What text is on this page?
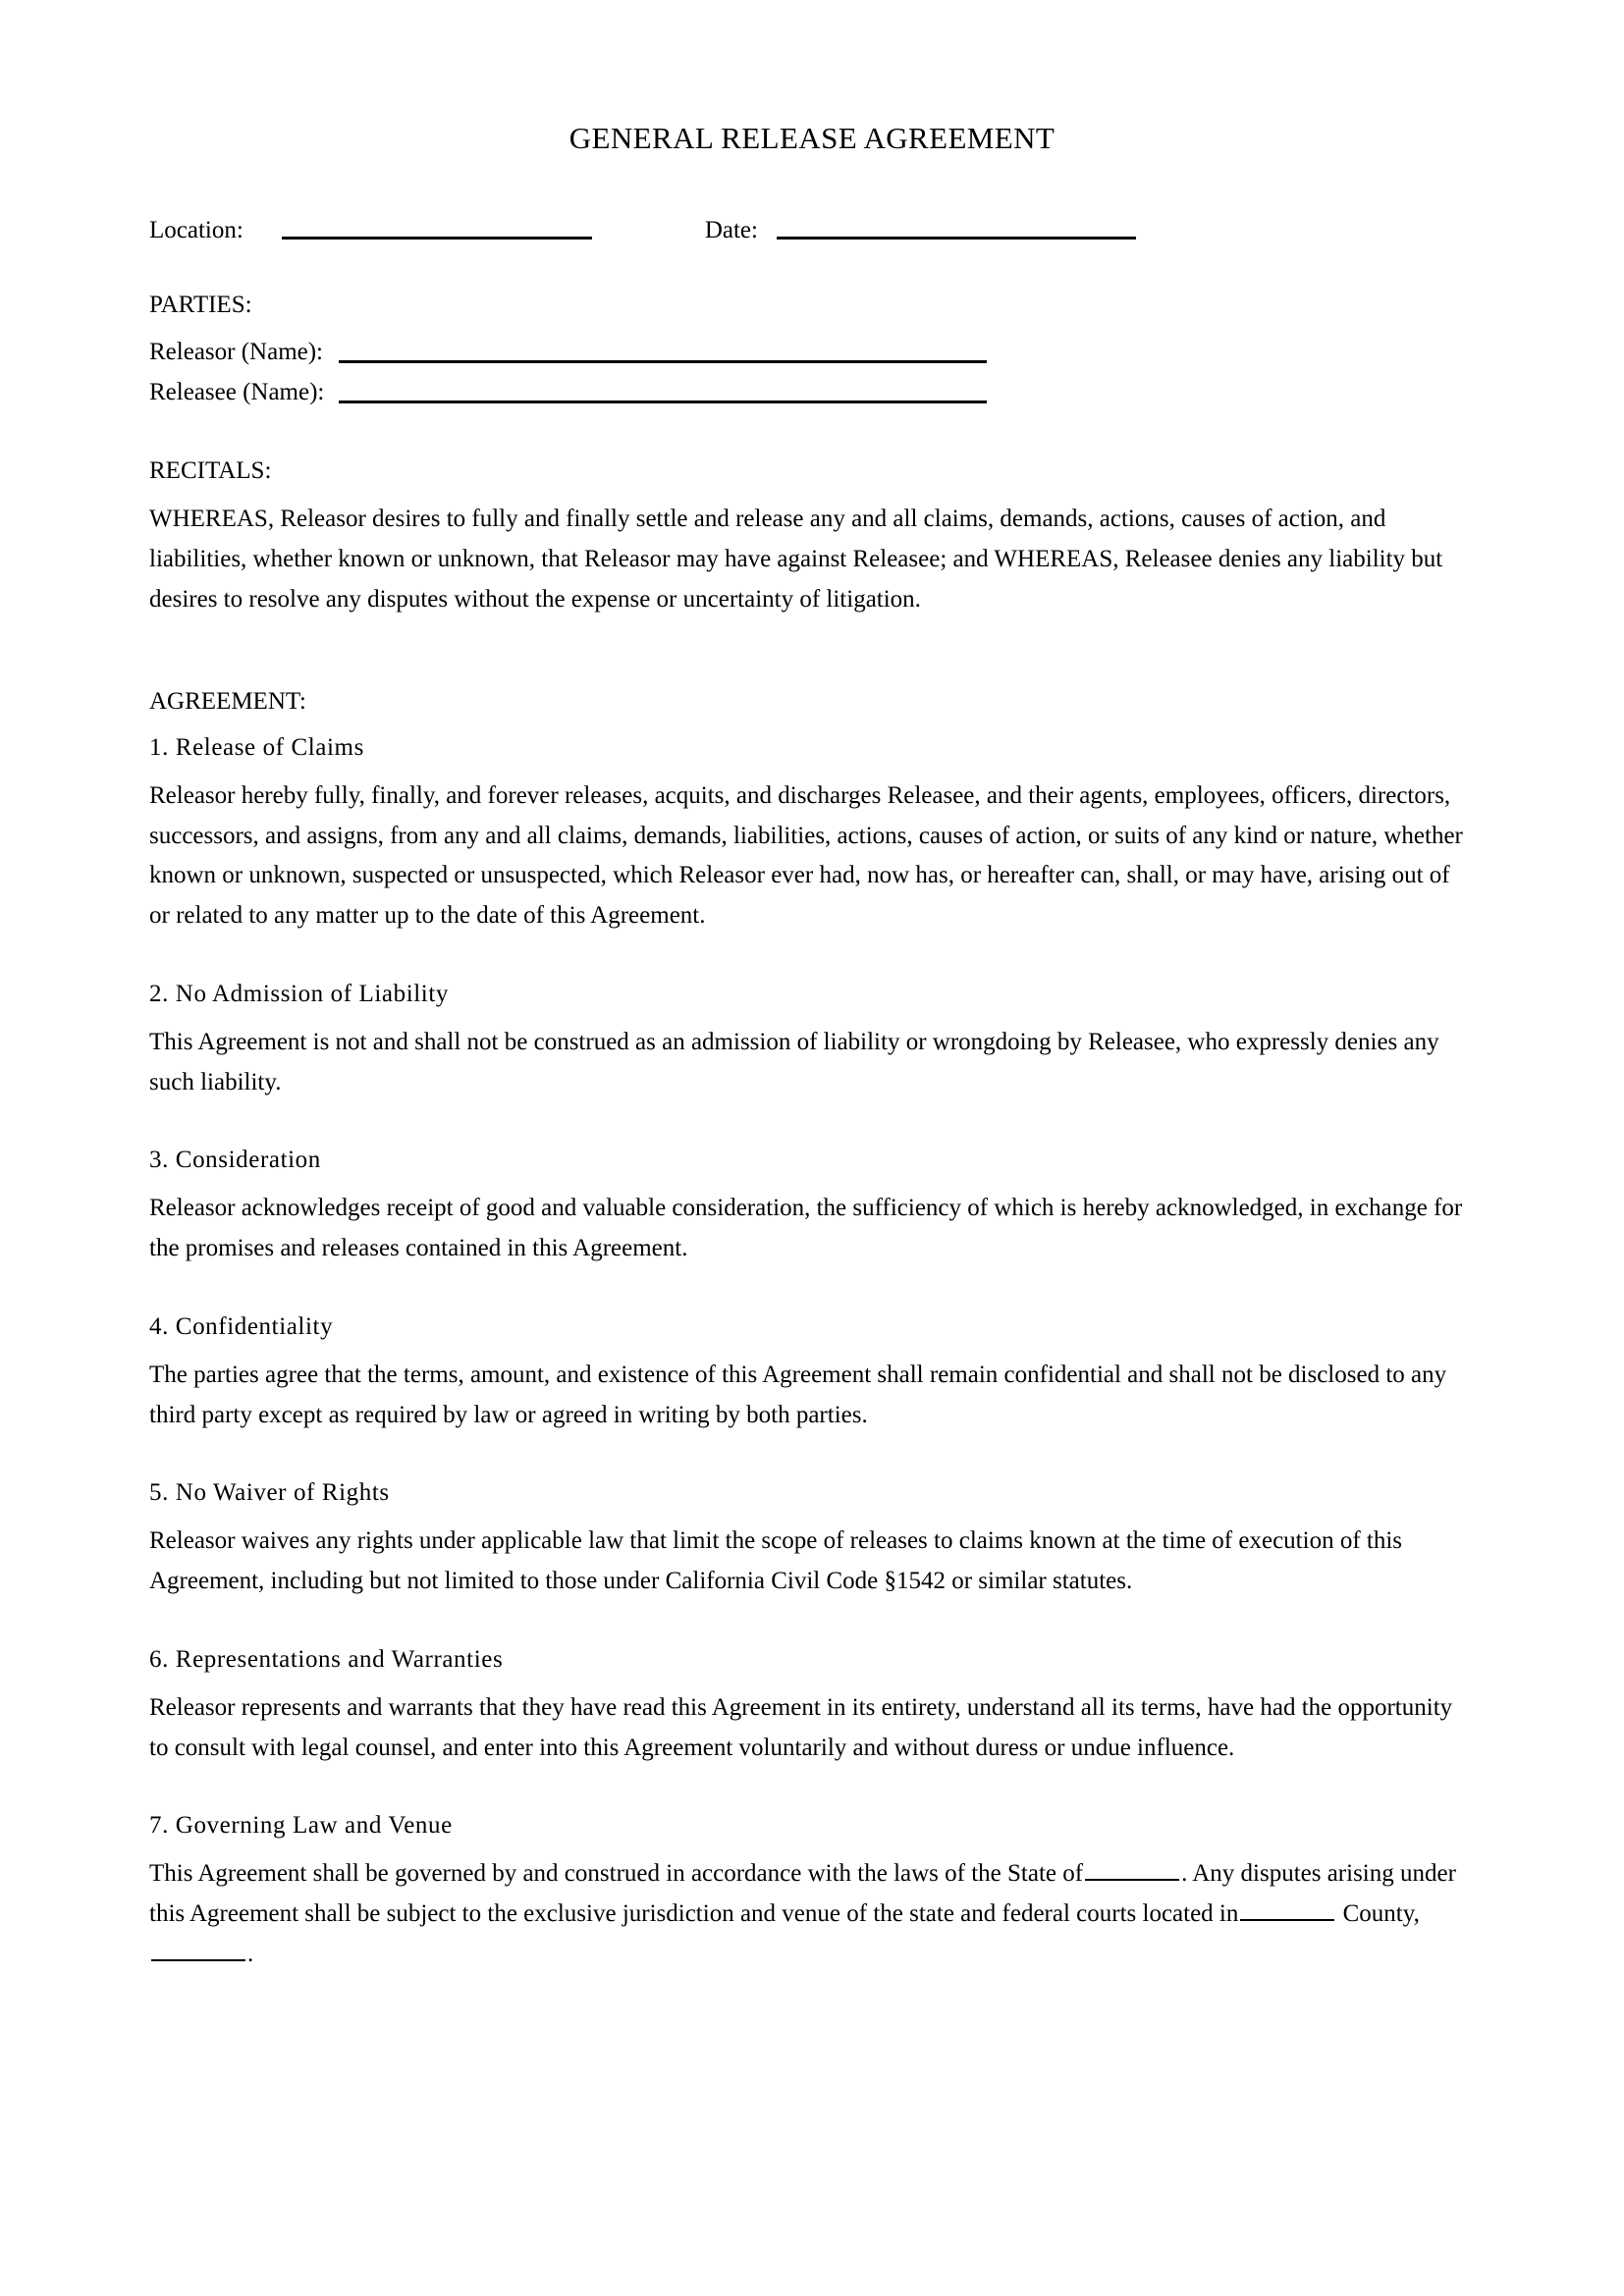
GENERAL RELEASE AGREEMENT
Location:	Date:
PARTIES:
Releasor (Name):
Releasee (Name):
RECITALS:

WHEREAS, Releasor desires to fully and finally settle and release any and all claims, demands, actions, causes of action, and liabilities, whether known or unknown, that Releasor may have against Releasee; and WHEREAS, Releasee denies any liability but desires to resolve any disputes without the expense or uncertainty of litigation.

AGREEMENT:
1. Release of Claims

Releasor hereby fully, finally, and forever releases, acquits, and discharges Releasee, and their agents, employees, officers, directors, successors, and assigns, from any and all claims, demands, liabilities, actions, causes of action, or suits of any kind or nature, whether known or unknown, suspected or unsuspected, which Releasor ever had, now has, or hereafter can, shall, or may have, arising out of or related to any matter up to the date of this Agreement.

2. No Admission of Liability

This Agreement is not and shall not be construed as an admission of liability or wrongdoing by Releasee, who expressly denies any such liability.

3. Consideration

Releasor acknowledges receipt of good and valuable consideration, the sufficiency of which is hereby acknowledged, in exchange for the promises and releases contained in this Agreement.

4. Confidentiality

The parties agree that the terms, amount, and existence of this Agreement shall remain confidential and shall not be disclosed to any third party except as required by law or agreed in writing by both parties.

5. No Waiver of Rights

Releasor waives any rights under applicable law that limit the scope of releases to claims known at the time of execution of this Agreement, including but not limited to those under California Civil Code §1542 or similar statutes.

6. Representations and Warranties

Releasor represents and warrants that they have read this Agreement in its entirety, understand all its terms, have had the opportunity to consult with legal counsel, and enter into this Agreement voluntarily and without duress or undue influence.

7. Governing Law and Venue

This Agreement shall be governed by and construed in accordance with the laws of the State of	. Any disputes arising under this Agreement shall be subject to the exclusive jurisdiction and venue of the state and federal courts located in	County,.
